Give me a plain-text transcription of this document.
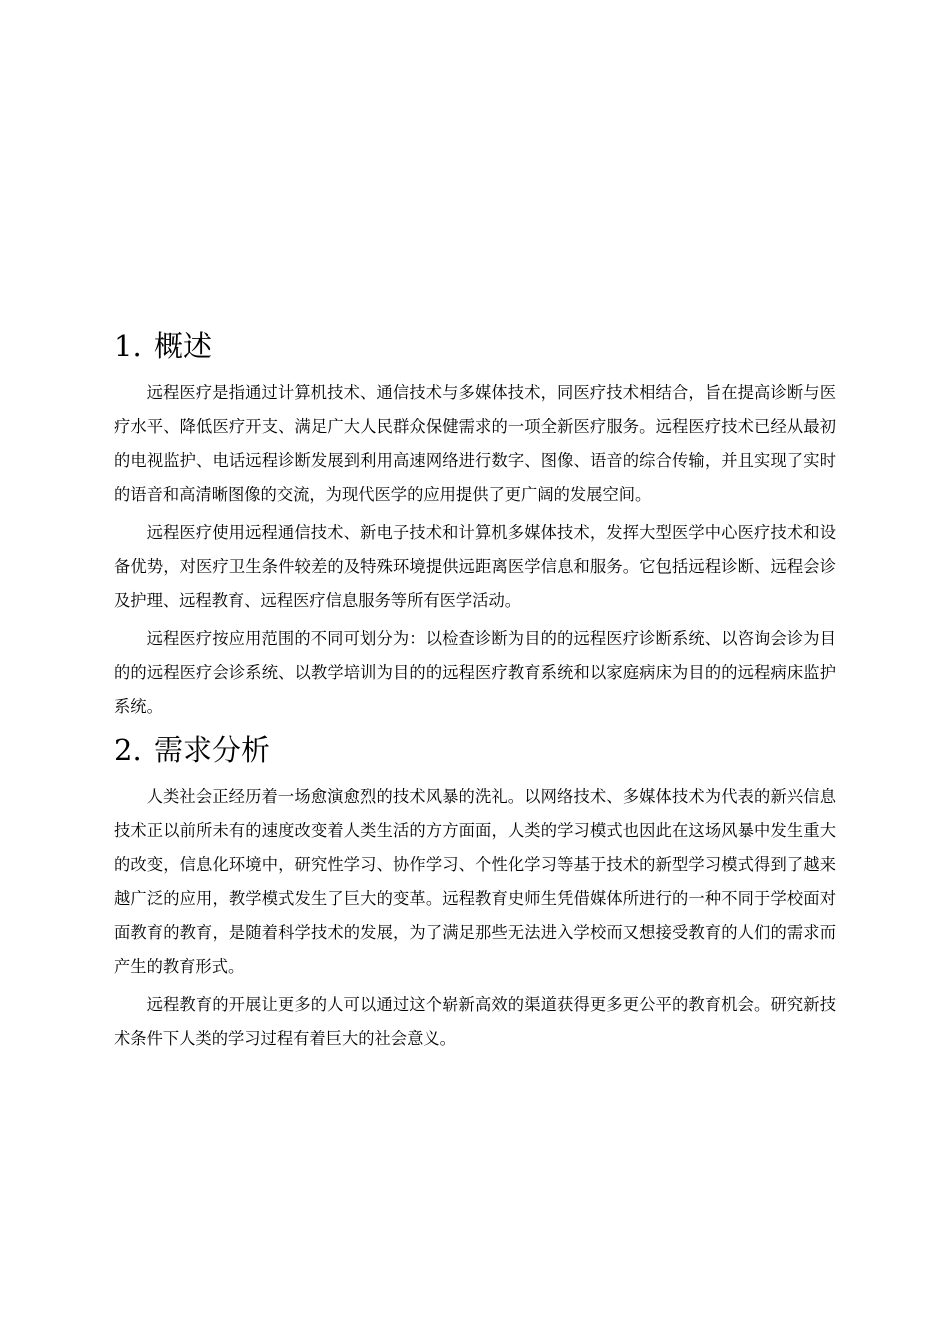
1. 概述

远程医疗是指通过计算机技术、通信技术与多媒体技术，同医疗技术相结合，旨在提高诊断与医疗水平、降低医疗开支、满足广大人民群众保健需求的一项全新医疗服务。远程医疗技术已经从最初的电视监护、电话远程诊断发展到利用高速网络进行数字、图像、语音的综合传输，并且实现了实时的语音和高清晰图像的交流，为现代医学的应用提供了更广阔的发展空间。

远程医疗使用远程通信技术、新电子技术和计算机多媒体技术，发挥大型医学中心医疗技术和设备优势，对医疗卫生条件较差的及特殊环境提供远距离医学信息和服务。它包括远程诊断、远程会诊及护理、远程教育、远程医疗信息服务等所有医学活动。

远程医疗按应用范围的不同可划分为：以检查诊断为目的的远程医疗诊断系统、以咨询会诊为目的的远程医疗会诊系统、以教学培训为目的的远程医疗教育系统和以家庭病床为目的的远程病床监护系统。

2. 需求分析

人类社会正经历着一场愈演愈烈的技术风暴的洗礼。以网络技术、多媒体技术为代表的新兴信息技术正以前所未有的速度改变着人类生活的方方面面，人类的学习模式也因此在这场风暴中发生重大的改变，信息化环境中，研究性学习、协作学习、个性化学习等基于技术的新型学习模式得到了越来越广泛的应用，教学模式发生了巨大的变革。远程教育史师生凭借媒体所进行的一种不同于学校面对面教育的教育，是随着科学技术的发展，为了满足那些无法进入学校而又想接受教育的人们的需求而产生的教育形式。

远程教育的开展让更多的人可以通过这个崭新高效的渠道获得更多更公平的教育机会。研究新技术条件下人类的学习过程有着巨大的社会意义。
